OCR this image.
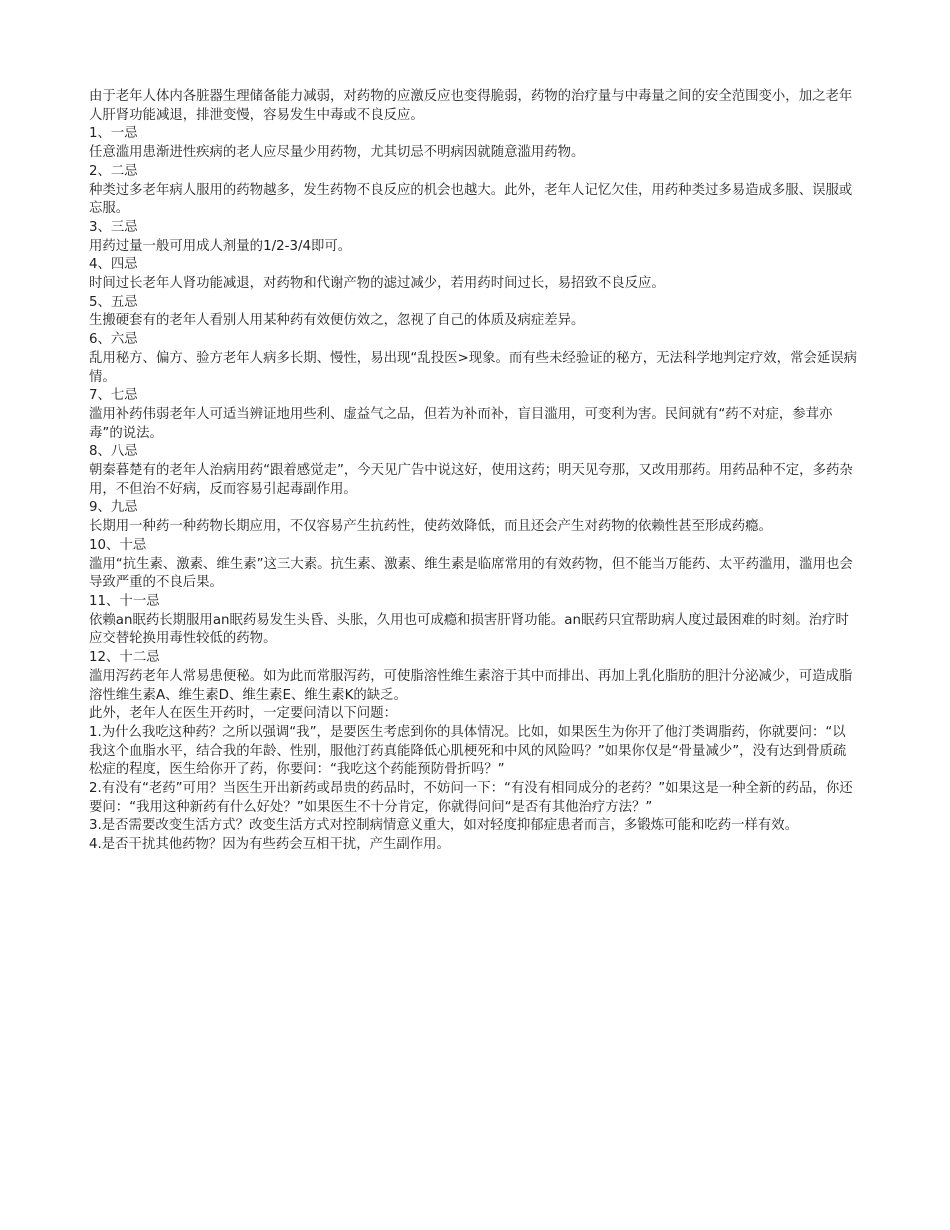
由于老年人体内各脏器生理储备能力减弱，对药物的应激反应也变得脆弱，药物的治疗量与中毒量之间的安全范围变小，加之老年人肝肾功能减退，排泄变慢，容易发生中毒或不良反应。

1、一忌

任意滥用患渐进性疾病的老人应尽量少用药物，尤其切忌不明病因就随意滥用药物。

2、二忌

种类过多老年病人服用的药物越多，发生药物不良反应的机会也越大。此外，老年人记忆欠佳，用药种类过多易造成多服、误服或忘服。

3、三忌

用药过量一般可用成人剂量的1/2-3/4即可。

4、四忌

时间过长老年人肾功能减退，对药物和代谢产物的滤过减少，若用药时间过长，易招致不良反应。

5、五忌

生搬硬套有的老年人看别人用某种药有效便仿效之，忽视了自己的体质及病症差异。

6、六忌

乱用秘方、偏方、验方老年人病多长期、慢性，易出现“乱投医>现象。而有些未经验证的秘方，无法科学地判定疗效，常会延误病情。

7、七忌

滥用补药伟弱老年人可适当辨证地用些利、虚益气之品，但若为补而补，盲目滥用，可变利为害。民间就有“药不对症，参茸亦毒”的说法。

8、八忌

朝秦暮楚有的老年人治病用药“跟着感觉走”，今天见广告中说这好，使用这药；明天见夸那，又改用那药。用药品种不定，多药杂用，不但治不好病，反而容易引起毒副作用。

9、九忌

长期用一种药一种药物长期应用，不仅容易产生抗药性，使药效降低，而且还会产生对药物的依赖性甚至形成药瘾。

10、十忌

滥用“抗生素、激素、维生素”这三大素。抗生素、激素、维生素是临席常用的有效药物，但不能当万能药、太平药滥用，滥用也会导致严重的不良后果。

11、十一忌

依赖an眠药长期服用an眠药易发生头昏、头胀，久用也可成瘾和损害肝肾功能。an眠药只宜帮助病人度过最困难的时刻。治疗时应交替轮换用毒性较低的药物。

12、十二忌

滥用泻药老年人常易患便秘。如为此而常服泻药，可使脂溶性维生素溶于其中而排出、再加上乳化脂肪的胆汁分泌减少，可造成脂溶性维生素A、维生素D、维生素E、维生素K的缺乏。

此外，老年人在医生开药时，一定要问清以下问题：

1.为什么我吃这种药？之所以强调“我”，是要医生考虑到你的具体情况。比如，如果医生为你开了他汀类调脂药，你就要问：“以我这个血脂水平，结合我的年龄、性别，服他汀药真能降低心肌梗死和中风的风险吗？”如果你仅是“骨量减少”，没有达到骨质疏松症的程度，医生给你开了药，你要问：“我吃这个药能预防骨折吗？”

2.有没有“老药”可用？当医生开出新药或昂贵的药品时，不妨问一下：“有没有相同成分的老药？”如果这是一种全新的药品，你还要问：“我用这种新药有什么好处？”如果医生不十分肯定，你就得问问“是否有其他治疗方法？”

3.是否需要改变生活方式？改变生活方式对控制病情意义重大，如对轻度抑郁症患者而言，多锻炼可能和吃药一样有效。

4.是否干扰其他药物？因为有些药会互相干扰，产生副作用。
